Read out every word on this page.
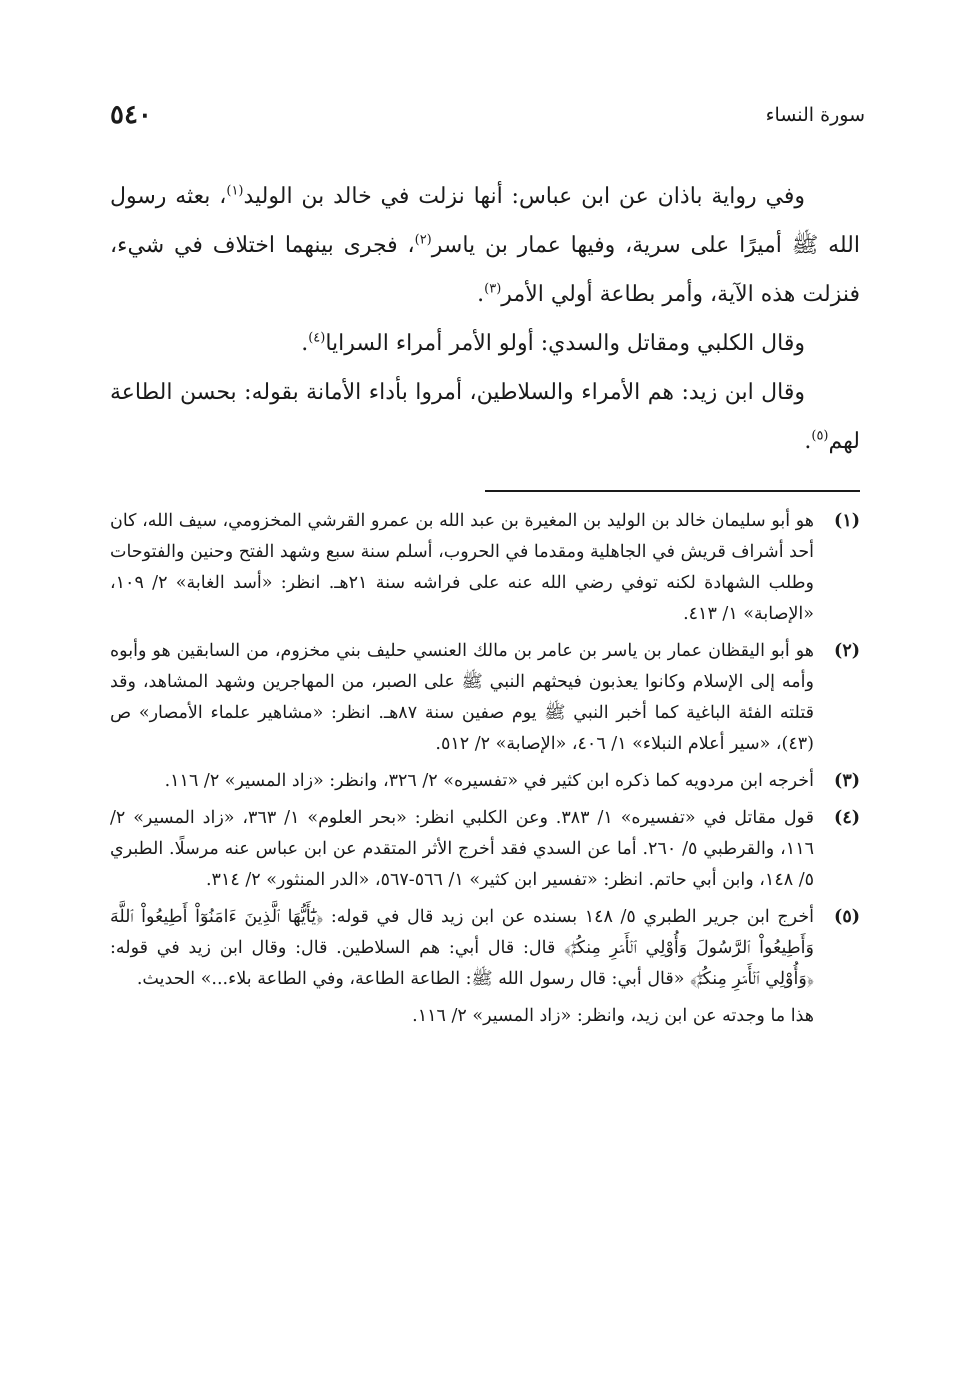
٥٤٠	سورة النساء

وفي رواية باذان عن ابن عباس: أنها نزلت في خالد بن الوليد$^{(١)}$، بعثه رسول الله ﷺ أميرًا على سرية، وفيها عمار بن ياسر$^{(٢)}$، فجرى بينهما اختلاف في شيء، فنزلت هذه الآية، وأمر بطاعة أولي الأمر$^{(٣)}$.

وقال الكلبي ومقاتل والسدي: أولو الأمر أمراء السرايا$^{(٤)}$.

وقال ابن زيد: هم الأمراء والسلاطين، أمروا بأداء الأمانة بقوله: بحسن الطاعة لهم$^{(٥)}$.

(١)

هو أبو سليمان خالد بن الوليد بن المغيرة بن عبد الله بن عمرو القرشي المخزومي، سيف الله، كان أحد أشراف قريش في الجاهلية ومقدما في الحروب، أسلم سنة سبع وشهد الفتح وحنين والفتوحات وطلب الشهادة لكنه توفي رضي الله عنه على فراشه سنة ٢١هـ. انظر: «أسد الغابة» ٢/ ١٠٩، «الإصابة» ١/ ٤١٣.

(٢)

هو أبو اليقظان عمار بن ياسر بن عامر بن مالك العنسي حليف بني مخزوم، من السابقين هو وأبوه وأمه إلى الإسلام وكانوا يعذبون فيحثهم النبي ﷺ على الصبر، من المهاجرين وشهد المشاهد، وقد قتلته الفئة الباغية كما أخبر النبي ﷺ يوم صفين سنة ٨٧هـ. انظر: «مشاهير علماء الأمصار» ص (٤٣)، «سير أعلام النبلاء» ١/ ٤٠٦، «الإصابة» ٢/ ٥١٢.

(٣)

أخرجه ابن مردويه كما ذكره ابن كثير في «تفسيره» ٢/ ٣٢٦، وانظر: «زاد المسير» ٢/ ١١٦.

(٤)

قول مقاتل في «تفسيره» ١/ ٣٨٣. وعن الكلبي انظر: «بحر العلوم» ١/ ٣٦٣، «زاد المسير» ٢/ ١١٦، والقرطبي ٥/ ٢٦٠. أما عن السدي فقد أخرج الأثر المتقدم عن ابن عباس عنه مرسلًا. الطبري ٥/ ١٤٨، وابن أبي حاتم. انظر: «تفسير ابن كثير» ١/ ٥٦٦-٥٦٧، «الدر المنثور» ٢/ ٣١٤.

(٥)

أخرج ابن جرير الطبري ٥/ ١٤٨ بسنده عن ابن زيد قال في قوله: ﴿يَٰٓأَيُّهَا ٱلَّذِينَ ءَامَنُوٓاْ أَطِيعُواْ ٱللَّهَ وَأَطِيعُواْ ٱلرَّسُولَ وَأُوْلِي ٱلۡأَمۡرِ مِنكُمۡۖ﴾ قال: قال أبي: هم السلاطين. قال: وقال ابن زيد في قوله: ﴿وَأُوْلِي ٱلۡأَمۡرِ مِنكُمۡۖ﴾ «قال أبي: قال رسول الله ﷺ: الطاعة الطاعة، وفي الطاعة بلاء...» الحديث.

هذا ما وجدته عن ابن زيد، وانظر: «زاد المسير» ٢/ ١١٦.
